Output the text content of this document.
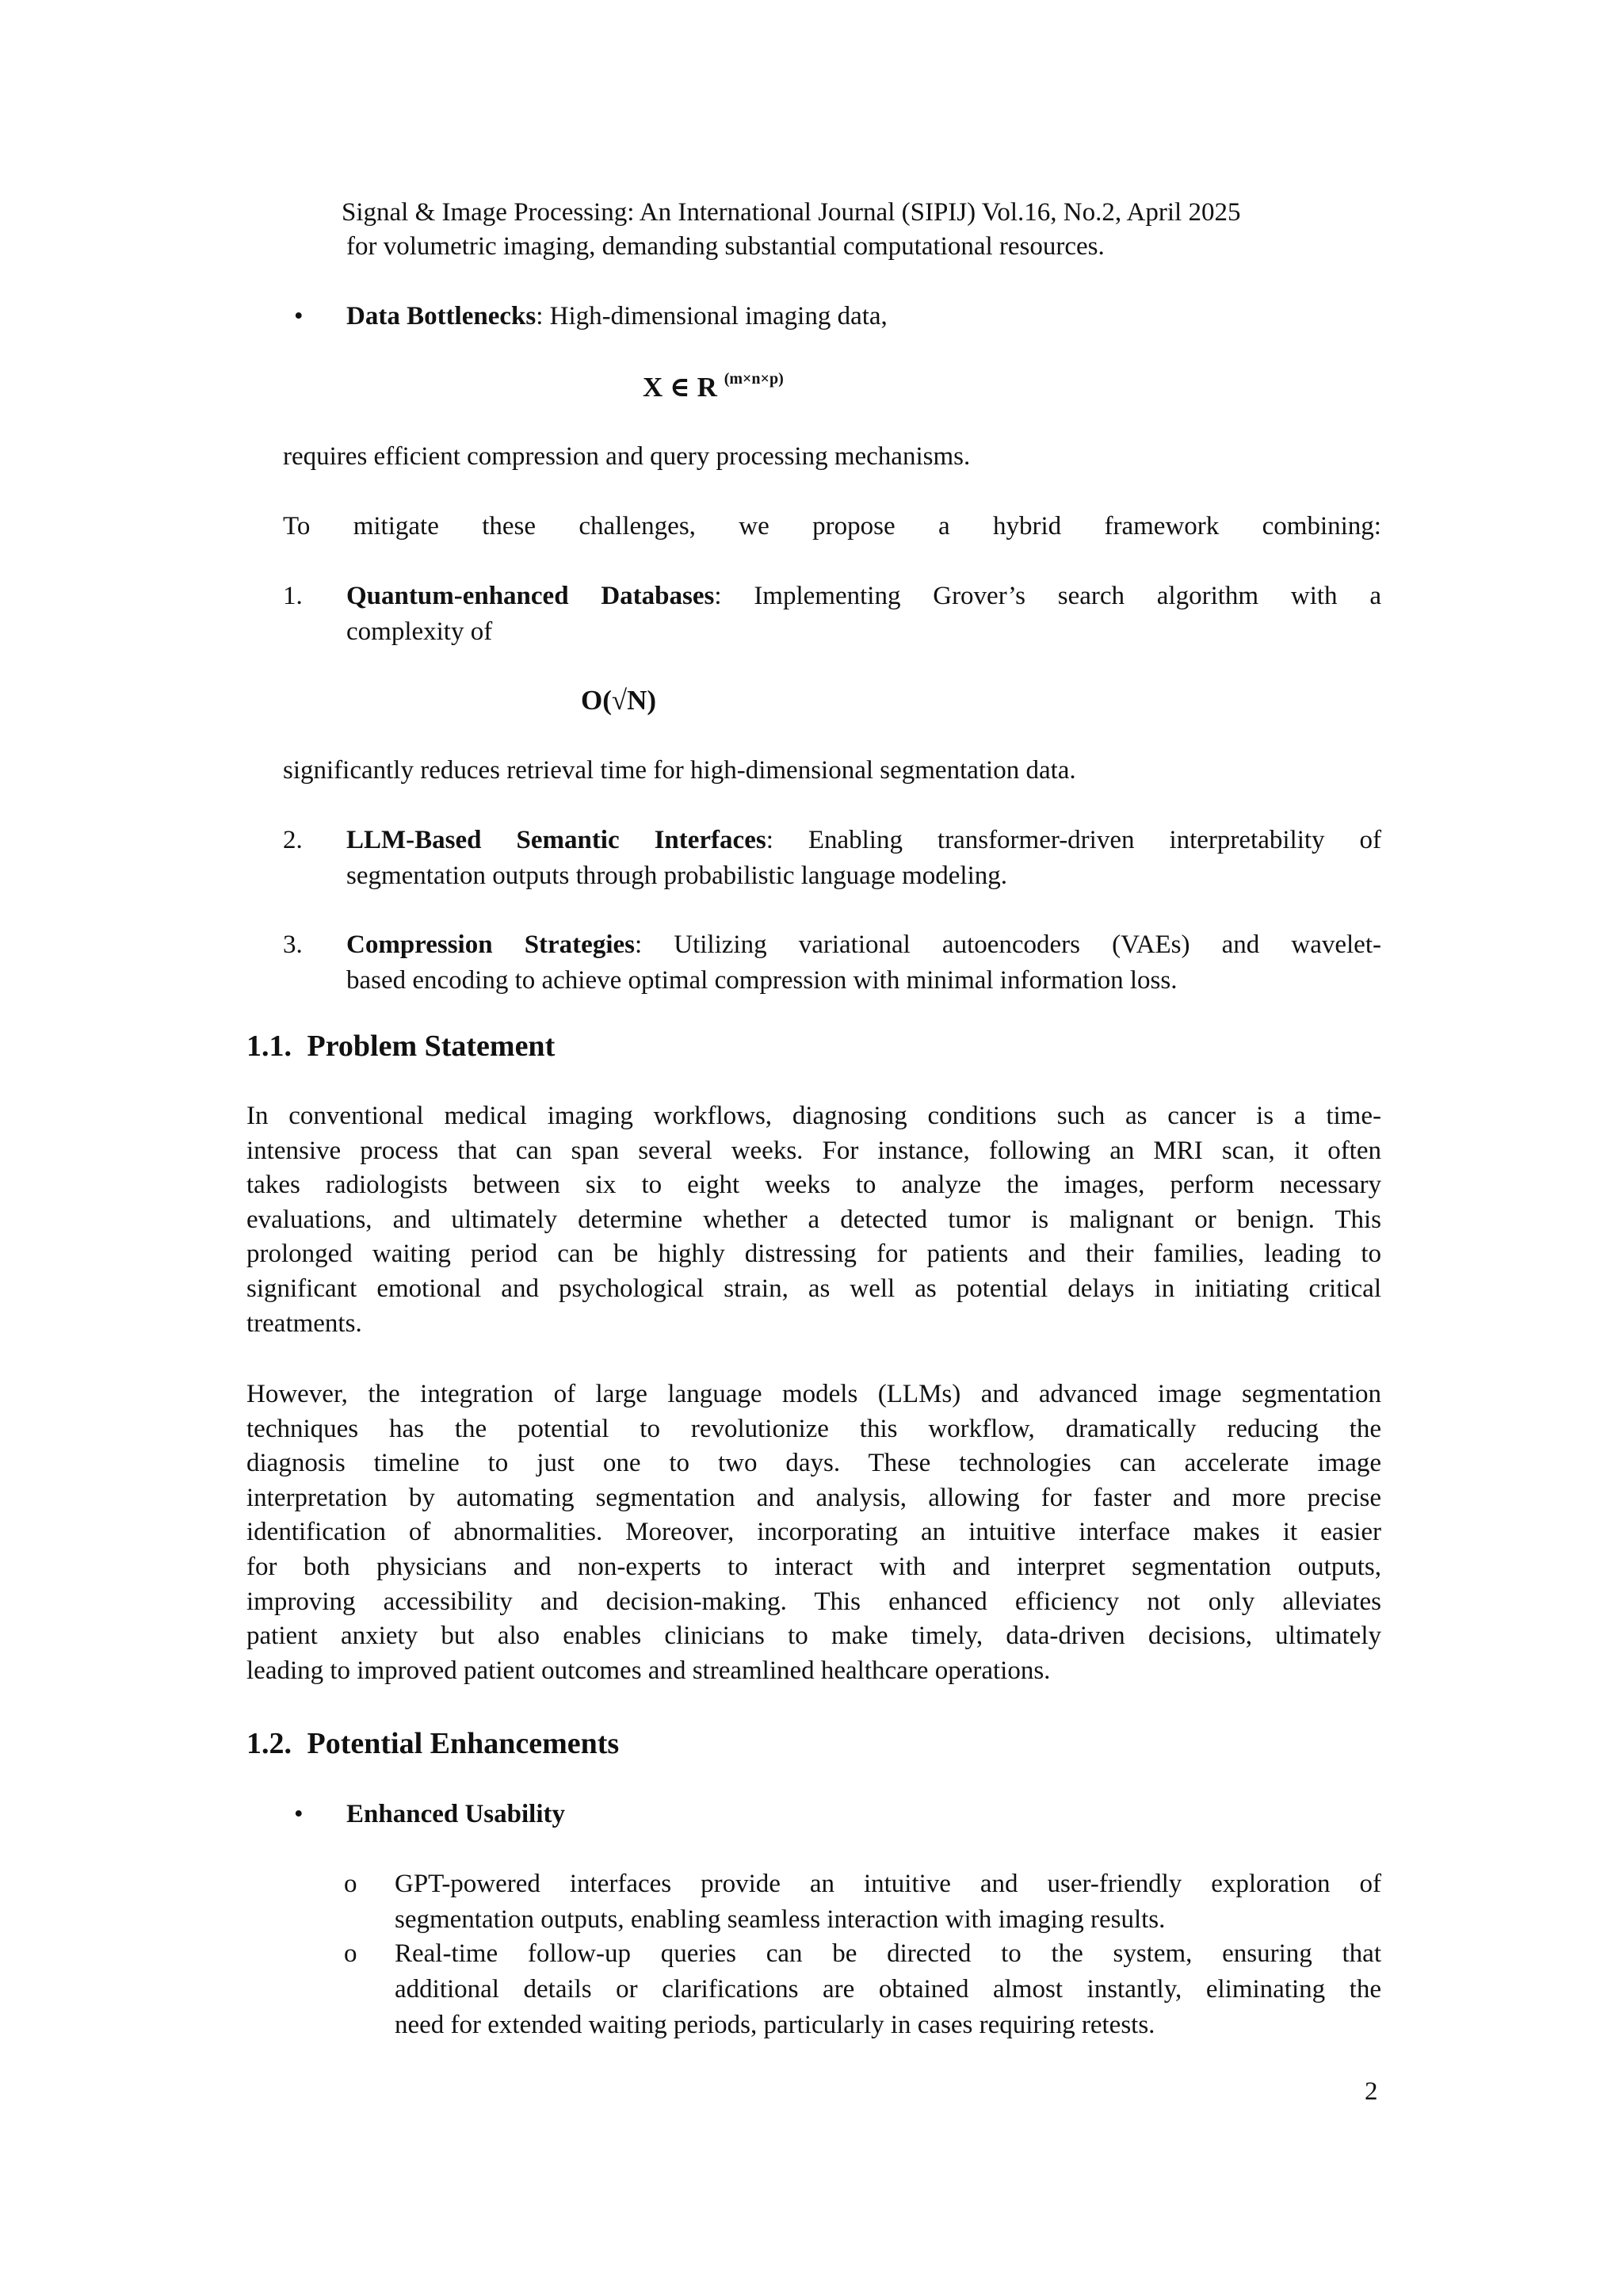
Signal & Image Processing: An International Journal (SIPIJ) Vol.16, No.2, April 2025
for volumetric imaging, demanding substantial computational resources.
• Data Bottlenecks: High-dimensional imaging data,
X ∈ R $^{(m\times n\times p)}$
requires efficient compression and query processing mechanisms.
To mitigate these challenges, we propose a hybrid framework combining:
1. Quantum-enhanced Databases: Implementing Grover’s search algorithm with a
complexity of
O(√N)
significantly reduces retrieval time for high-dimensional segmentation data.
2. LLM-Based Semantic Interfaces: Enabling transformer-driven interpretability of
segmentation outputs through probabilistic language modeling.
3. Compression Strategies: Utilizing variational autoencoders (VAEs) and wavelet-
based encoding to achieve optimal compression with minimal information loss.
1.1. Problem Statement
In conventional medical imaging workflows, diagnosing conditions such as cancer is a time-
intensive process that can span several weeks. For instance, following an MRI scan, it often
takes radiologists between six to eight weeks to analyze the images, perform necessary
evaluations, and ultimately determine whether a detected tumor is malignant or benign. This
prolonged waiting period can be highly distressing for patients and their families, leading to
significant emotional and psychological strain, as well as potential delays in initiating critical
treatments.
However, the integration of large language models (LLMs) and advanced image segmentation
techniques has the potential to revolutionize this workflow, dramatically reducing the
diagnosis timeline to just one to two days. These technologies can accelerate image
interpretation by automating segmentation and analysis, allowing for faster and more precise
identification of abnormalities. Moreover, incorporating an intuitive interface makes it easier
for both physicians and non-experts to interact with and interpret segmentation outputs,
improving accessibility and decision-making. This enhanced efficiency not only alleviates
patient anxiety but also enables clinicians to make timely, data-driven decisions, ultimately
leading to improved patient outcomes and streamlined healthcare operations.
1.2. Potential Enhancements
• Enhanced Usability
o GPT-powered interfaces provide an intuitive and user-friendly exploration of
segmentation outputs, enabling seamless interaction with imaging results.
o Real-time follow-up queries can be directed to the system, ensuring that
additional details or clarifications are obtained almost instantly, eliminating the
need for extended waiting periods, particularly in cases requiring retests.
2
